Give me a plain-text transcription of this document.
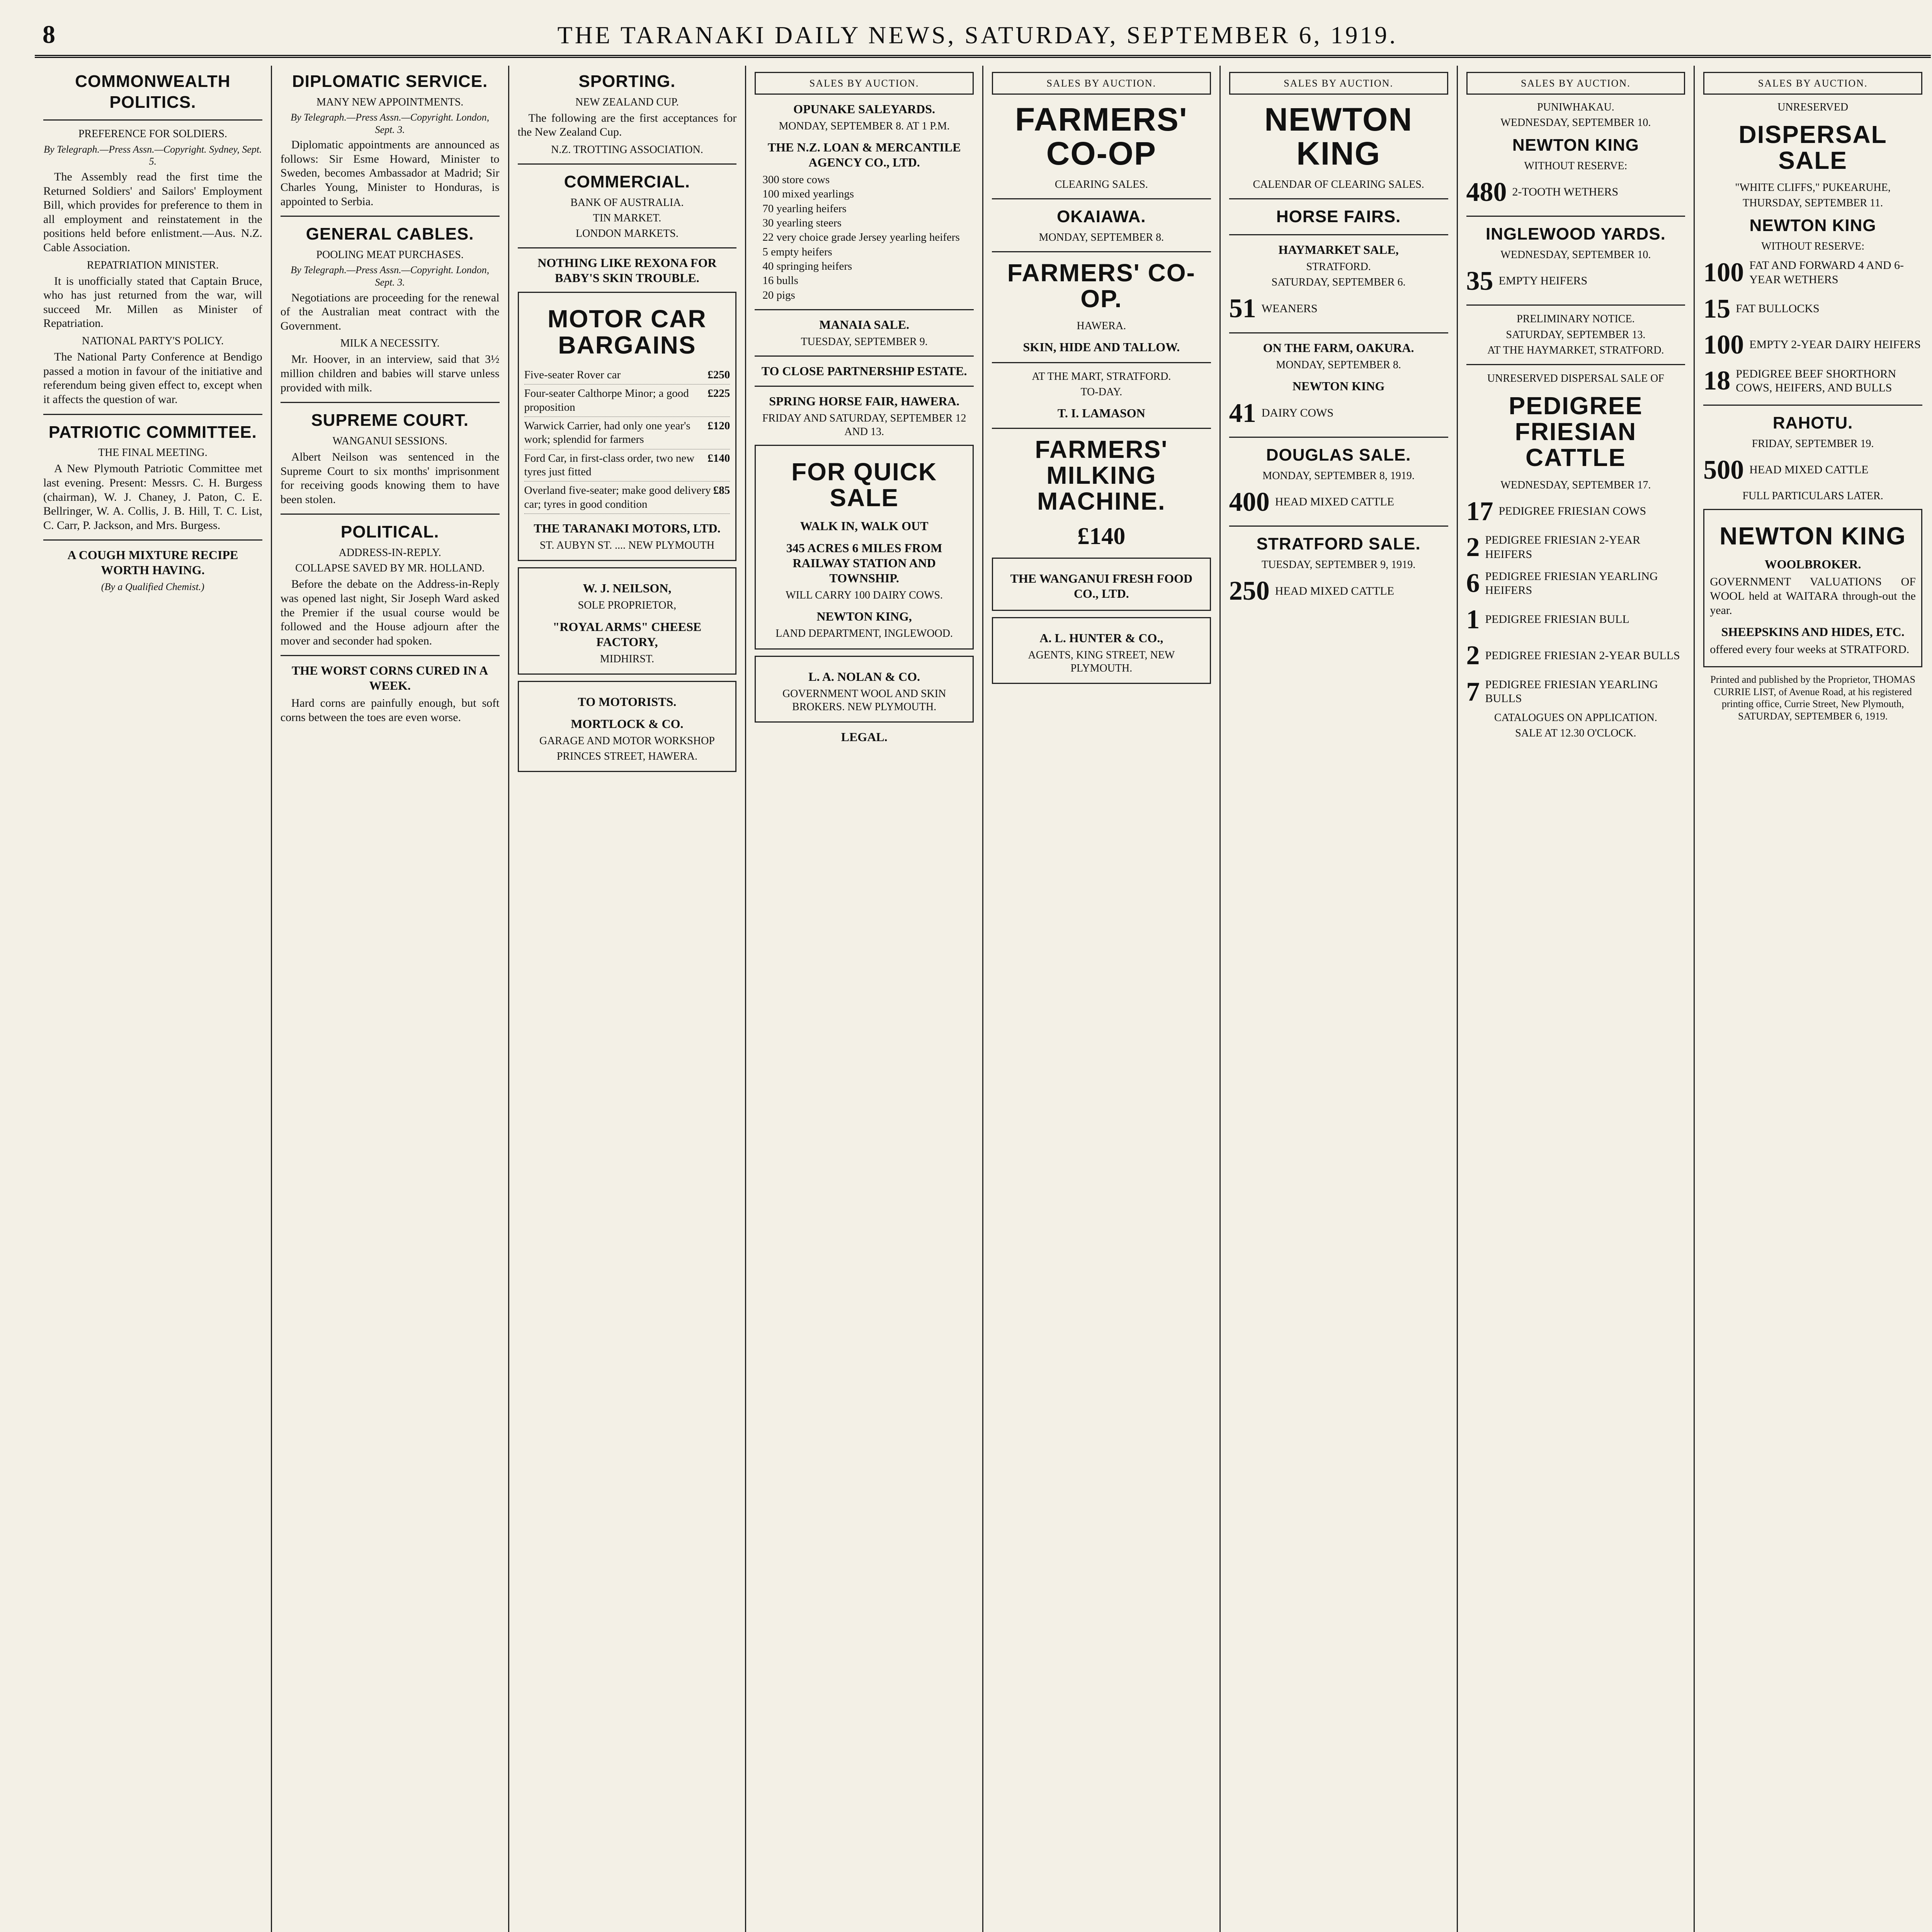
8	THE TARANAKI DAILY NEWS, SATURDAY, SEPTEMBER 6, 1919.
COMMONWEALTH POLITICS.
PREFERENCE FOR SOLDIERS.

By Telegraph.—Press Assn.—Copyright. Sydney, Sept. 5.

The Assembly read the first time the Returned Soldiers' and Sailors' Employment Bill, which provides for preference to them in all employment and reinstatement in the positions held before enlistment.—Aus. N.Z. Cable Association.

REPATRIATION MINISTER.

It is unofficially stated that Captain Bruce, who has just returned from the war, will succeed Mr. Millen as Minister of Repatriation.

NATIONAL PARTY'S POLICY.

The National Party Conference at Bendigo passed a motion in favour of the initiative and referendum being given effect to, except when it affects the question of war.

PATRIOTIC COMMITTEE.
THE FINAL MEETING.

A New Plymouth Patriotic Committee met last evening. Present: Messrs. C. H. Burgess (chairman), W. J. Chaney, J. Paton, C. E. Bellringer, W. A. Collis, J. B. Hill, T. C. List, C. Carr, P. Jackson, and Mrs. Burgess.

A COUGH MIXTURE RECIPE WORTH HAVING.

(By a Qualified Chemist.)

DIPLOMATIC SERVICE.
MANY NEW APPOINTMENTS.

By Telegraph.—Press Assn.—Copyright. London, Sept. 3.

Diplomatic appointments are announced as follows: Sir Esme Howard, Minister to Sweden, becomes Ambassador at Madrid; Sir Charles Young, Minister to Honduras, is appointed to Serbia.

GENERAL CABLES.
POOLING MEAT PURCHASES.

By Telegraph.—Press Assn.—Copyright. London, Sept. 3.

Negotiations are proceeding for the renewal of the Australian meat contract with the Government.

MILK A NECESSITY.

Mr. Hoover, in an interview, said that 3½ million children and babies will starve unless provided with milk.

SUPREME COURT.
WANGANUI SESSIONS.

Albert Neilson was sentenced in the Supreme Court to six months' imprisonment for receiving goods knowing them to have been stolen.

POLITICAL.
ADDRESS-IN-REPLY.
COLLAPSE SAVED BY MR. HOLLAND.

Before the debate on the Address-in-Reply was opened last night, Sir Joseph Ward asked the Premier if the usual course would be followed and the House adjourn after the mover and seconder had spoken.

THE WORST CORNS CURED IN A WEEK.

Hard corns are painfully enough, but soft corns between the toes are even worse.

SPORTING.
NEW ZEALAND CUP.

The following are the first acceptances for the New Zealand Cup.

N.Z. TROTTING ASSOCIATION.
COMMERCIAL.
BANK OF AUSTRALIA.
TIN MARKET.
LONDON MARKETS.
NOTHING LIKE REXONA FOR BABY'S SKIN TROUBLE.
MOTOR CAR BARGAINS
Five-seater Rover car	£250
Four-seater Calthorpe Minor; a good proposition
£225
Warwick Carrier, had only one year's work; splendid for farmers
£120
Ford Car, in first-class order, two new tyres just fitted
£140
Overland five-seater; make good delivery car; tyres in good condition
£85
THE TARANAKI MOTORS, LTD.
ST. AUBYN ST. .... NEW PLYMOUTH
W. J. NEILSON,
SOLE PROPRIETOR,
"ROYAL ARMS" CHEESE FACTORY,
MIDHIRST.
TO MOTORISTS.
MORTLOCK & CO.
GARAGE AND MOTOR WORKSHOP
PRINCES STREET, HAWERA.
SALES BY AUCTION.
OPUNAKE SALEYARDS.
MONDAY, SEPTEMBER 8. AT 1 P.M.
THE N.Z. LOAN & MERCANTILE AGENCY CO., LTD.
300 store cows
100 mixed yearlings
70 yearling heifers
30 yearling steers
22 very choice grade Jersey yearling heifers
5 empty heifers
40 springing heifers
16 bulls
20 pigs
MANAIA SALE.
TUESDAY, SEPTEMBER 9.
TO CLOSE PARTNERSHIP ESTATE.
SPRING HORSE FAIR, HAWERA.
FRIDAY AND SATURDAY, SEPTEMBER 12 AND 13.
FOR QUICK SALE
WALK IN, WALK OUT
345 ACRES 6 MILES FROM RAILWAY STATION AND TOWNSHIP.
WILL CARRY 100 DAIRY COWS.
NEWTON KING,
LAND DEPARTMENT, INGLEWOOD.
L. A. NOLAN & CO.
GOVERNMENT WOOL AND SKIN BROKERS. NEW PLYMOUTH.
LEGAL.
SALES BY AUCTION.
FARMERS' CO-OP
CLEARING SALES.
OKAIAWA.
MONDAY, SEPTEMBER 8.
FARMERS' CO-OP.
HAWERA.
SKIN, HIDE AND TALLOW.
AT THE MART, STRATFORD.
TO-DAY.
T. I. LAMASON
FARMERS' MILKING MACHINE.
£140
THE WANGANUI FRESH FOOD CO., LTD.
A. L. HUNTER & CO.,
AGENTS, KING STREET, NEW PLYMOUTH.
SALES BY AUCTION.
NEWTON KING
CALENDAR OF CLEARING SALES.
HORSE FAIRS.
HAYMARKET SALE,
STRATFORD.
SATURDAY, SEPTEMBER 6.
51 WEANERS
ON THE FARM, OAKURA.
MONDAY, SEPTEMBER 8.
NEWTON KING
41 DAIRY COWS
DOUGLAS SALE.
MONDAY, SEPTEMBER 8, 1919.
400 HEAD MIXED CATTLE
STRATFORD SALE.
TUESDAY, SEPTEMBER 9, 1919.
250 HEAD MIXED CATTLE
SALES BY AUCTION.
PUNIWHAKAU.
WEDNESDAY, SEPTEMBER 10.
NEWTON KING
WITHOUT RESERVE:
480 2-TOOTH WETHERS
INGLEWOOD YARDS.
WEDNESDAY, SEPTEMBER 10.
35 EMPTY HEIFERS
PRELIMINARY NOTICE.
SATURDAY, SEPTEMBER 13.
AT THE HAYMARKET, STRATFORD.
UNRESERVED DISPERSAL SALE OF
PEDIGREE FRIESIAN CATTLE
WEDNESDAY, SEPTEMBER 17.
17 PEDIGREE FRIESIAN COWS
2 PEDIGREE FRIESIAN 2-YEAR HEIFERS
6 PEDIGREE FRIESIAN YEARLING HEIFERS
1 PEDIGREE FRIESIAN BULL
2 PEDIGREE FRIESIAN 2-YEAR BULLS
7 PEDIGREE FRIESIAN YEARLING BULLS
CATALOGUES ON APPLICATION.
SALE AT 12.30 O'CLOCK.
SALES BY AUCTION.
UNRESERVED
DISPERSAL SALE
"WHITE CLIFFS," PUKEARUHE,
THURSDAY, SEPTEMBER 11.
NEWTON KING
WITHOUT RESERVE:
100 FAT AND FORWARD 4 AND 6-YEAR WETHERS
15 FAT BULLOCKS
100 EMPTY 2-YEAR DAIRY HEIFERS
18 PEDIGREE BEEF SHORTHORN COWS, HEIFERS, AND BULLS
RAHOTU.
FRIDAY, SEPTEMBER 19.
500 HEAD MIXED CATTLE
FULL PARTICULARS LATER.
NEWTON KING
WOOLBROKER.

GOVERNMENT VALUATIONS OF WOOL held at WAITARA through-out the year.

SHEEPSKINS AND HIDES, ETC.

offered every four weeks at STRATFORD.

Printed and published by the Proprietor, THOMAS CURRIE LIST, of Avenue Road, at his registered printing office, Currie Street, New Plymouth, SATURDAY, SEPTEMBER 6, 1919.
